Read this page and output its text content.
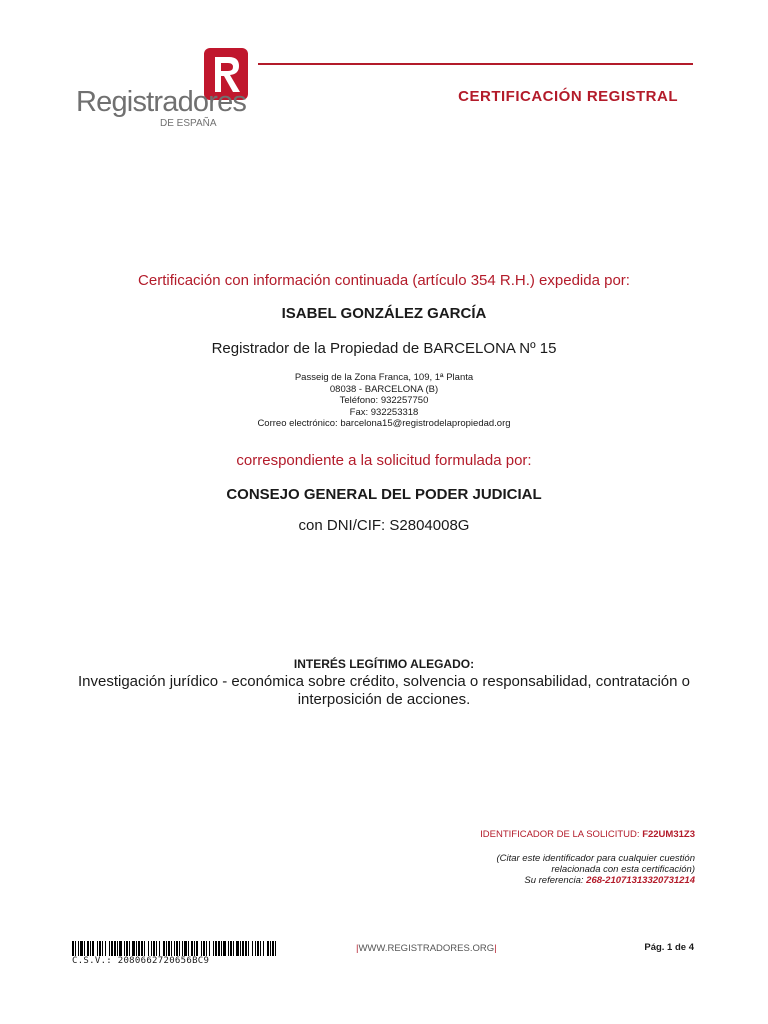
Registradores
DE ESPAÑA
CERTIFICACIÓN REGISTRAL
Certificación con información continuada (artículo 354 R.H.) expedida por:
ISABEL GONZÁLEZ GARCÍA
Registrador de la Propiedad de BARCELONA Nº 15
Passeig de la Zona Franca, 109, 1ª Planta
08038 - BARCELONA (B)
Teléfono: 932257750
Fax: 932253318
Correo electrónico: barcelona15@registrodelapropiedad.org
correspondiente a la solicitud formulada por:
CONSEJO GENERAL DEL PODER JUDICIAL
con DNI/CIF: S2804008G
INTERÉS LEGÍTIMO ALEGADO:
Investigación jurídico - económica sobre crédito, solvencia o responsabilidad, contratación o interposición de acciones.
IDENTIFICADOR DE LA SOLICITUD: F22UM31Z3
(Citar este identificador para cualquier cuestión
relacionada con esta certificación)
Su referencia: 268-21071313320731214
C.S.V.: 2080662720656BC9
|WWW.REGISTRADORES.ORG|	Pág. 1 de 4
